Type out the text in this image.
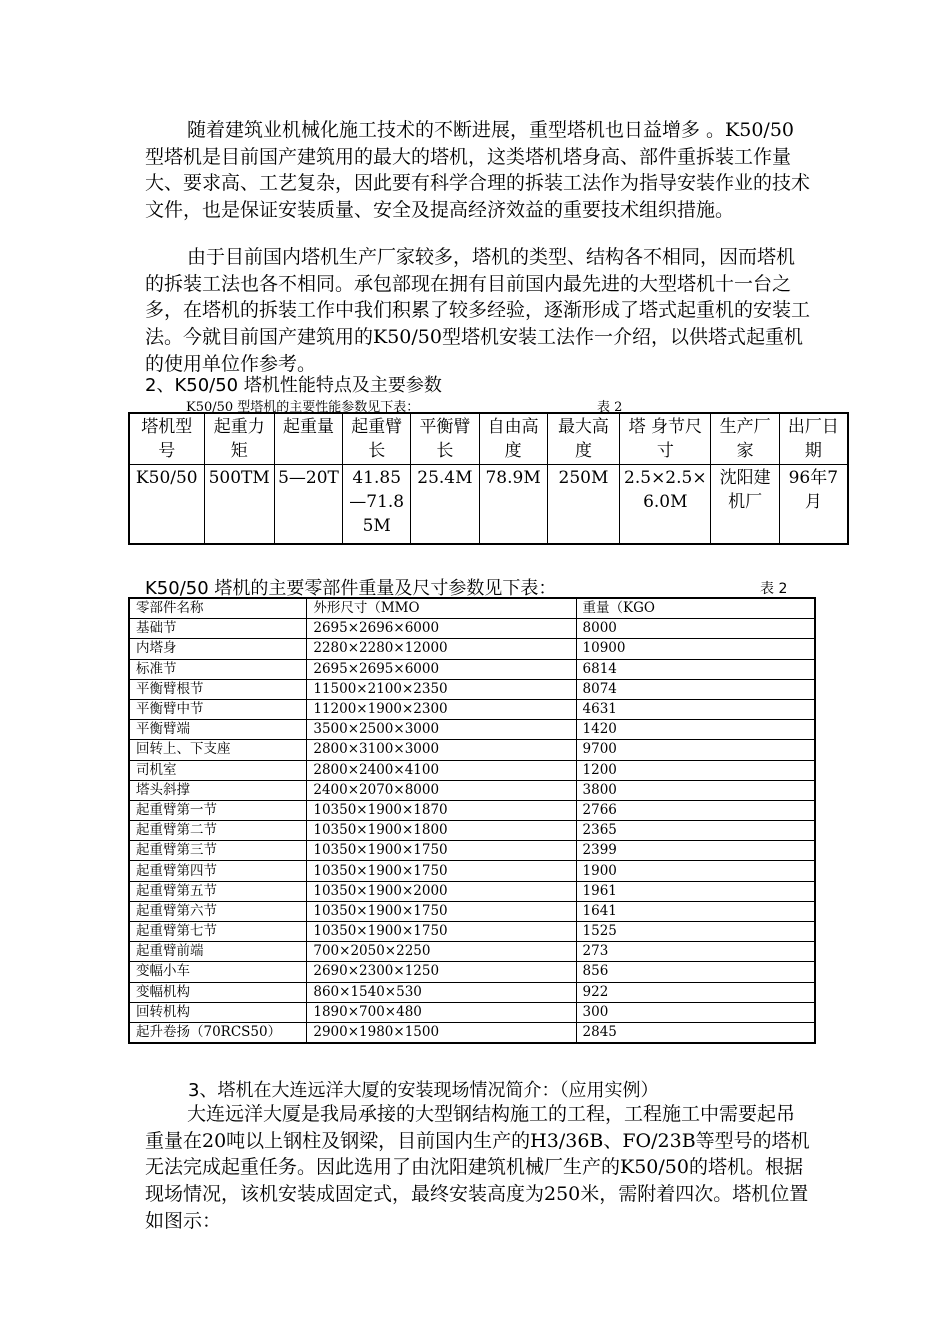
随着建筑业机械化施工技术的不断进展，重型塔机也日益增多 。K50/50型塔机是目前国产建筑用的最大的塔机，这类塔机塔身高、部件重拆装工作量大、要求高、工艺复杂，因此要有科学合理的拆装工法作为指导安装作业的技术文件，也是保证安装质量、安全及提高经济效益的重要技术组织措施。

由于目前国内塔机生产厂家较多，塔机的类型、结构各不相同，因而塔机的拆装工法也各不相同。承包部现在拥有目前国内最先进的大型塔机十一台之多，在塔机的拆装工作中我们积累了较多经验，逐渐形成了塔式起重机的安装工法。今就目前国产建筑用的K50/50型塔机安装工法作一介绍，以供塔式起重机的使用单位作参考。

2、K50/50 塔机性能特点及主要参数
K50/50 型塔机的主要性能参数见下表：	表 2
塔机型号	起重力矩	起重量	起重臂长	平衡臂长	自由高度	最大高度	塔 身节尺寸	生产厂家	出厂日期
K50/50	500TM	5—20T	41.85—71.85M	25.4M	78.9M	250M	2.5×2.5×6.0M	沈阳建机厂	96年7月
K50/50 塔机的主要零部件重量及尺寸参数见下表：	表 2
零部件名称	外形尺寸（MMO	重量（KGO
基础节	2695×2696×6000	8000
内塔身	2280×2280×12000	10900
标准节	2695×2695×6000	6814
平衡臂根节	11500×2100×2350	8074
平衡臂中节	11200×1900×2300	4631
平衡臂端	3500×2500×3000	1420
回转上、下支座	2800×3100×3000	9700
司机室	2800×2400×4100	1200
塔头斜撑	2400×2070×8000	3800
起重臂第一节	10350×1900×1870	2766
起重臂第二节	10350×1900×1800	2365
起重臂第三节	10350×1900×1750	2399
起重臂第四节	10350×1900×1750	1900
起重臂第五节	10350×1900×2000	1961
起重臂第六节	10350×1900×1750	1641
起重臂第七节	10350×1900×1750	1525
起重臂前端	700×2050×2250	273
变幅小车	2690×2300×1250	856
变幅机构	860×1540×530	922
回转机构	1890×700×480	300
起升卷扬（70RCS50）	2900×1980×1500	2845
3、塔机在大连远洋大厦的安装现场情况简介：（应用实例）

大连远洋大厦是我局承接的大型钢结构施工的工程，工程施工中需要起吊重量在20吨以上钢柱及钢梁，目前国内生产的H3/36B、FO/23B等型号的塔机无法完成起重任务。因此选用了由沈阳建筑机械厂生产的K50/50的塔机。根据现场情况，该机安装成固定式，最终安装高度为250米，需附着四次。塔机位置如图示：
